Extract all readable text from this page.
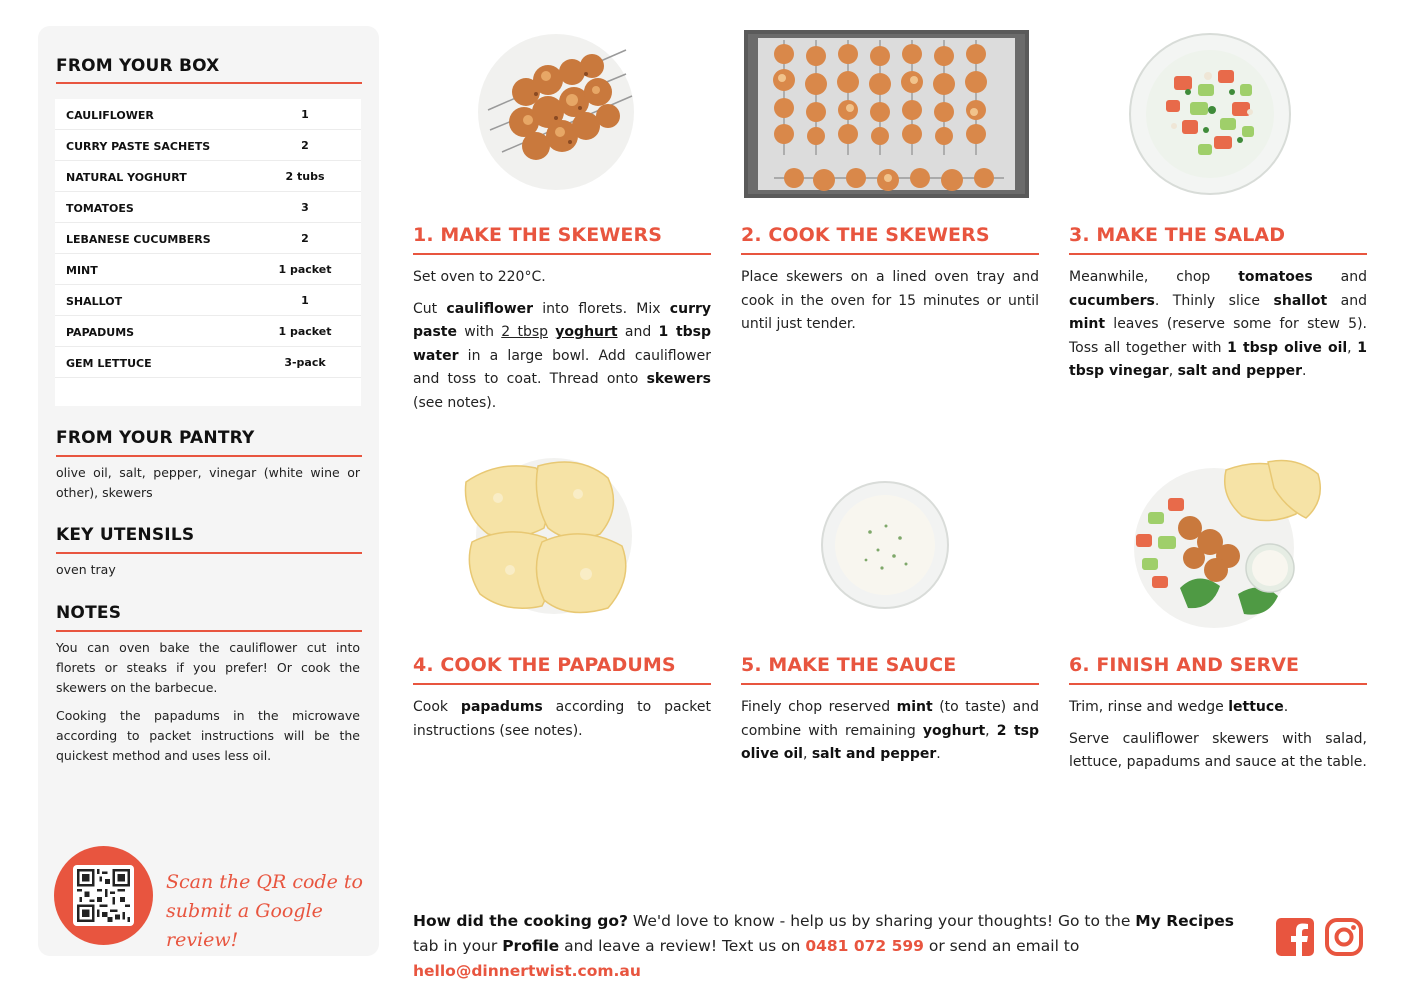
FROM YOUR BOX
CAULIFLOWER	1
CURRY PASTE SACHETS	2
NATURAL YOGHURT	2 tubs
TOMATOES	3
LEBANESE CUCUMBERS	2
MINT	1 packet
SHALLOT	1
PAPADUMS	1 packet
GEM LETTUCE	3-pack
FROM YOUR PANTRY
olive oil, salt, pepper, vinegar (white wine or other), skewers
KEY UTENSILS
oven tray
NOTES
You can oven bake the cauliflower cut into florets or steaks if you prefer! Or cook the skewers on the barbecue.
Cooking the papadums in the microwave according to packet instructions will be the quickest method and uses less oil.
Scan the QR code to
submit a Google review!
1. MAKE THE SKEWERS

Set oven to 220°C.

Cut cauliflower into florets. Mix curry paste with 2 tbsp yoghurt and 1 tbsp water in a large bowl. Add cauliflower and toss to coat. Thread onto skewers (see notes).

2. COOK THE SKEWERS

Place skewers on a lined oven tray and cook in the oven for 15 minutes or until until just tender.

3. MAKE THE SALAD

Meanwhile, chop tomatoes and cucumbers. Thinly slice shallot and mint leaves (reserve some for stew 5). Toss all together with 1 tbsp olive oil, 1 tbsp vinegar, salt and pepper.

4. COOK THE PAPADUMS

Cook papadums according to packet instructions (see notes).

5. MAKE THE SAUCE

Finely chop reserved mint (to taste) and combine with remaining yoghurt, 2 tsp olive oil, salt and pepper.

6. FINISH AND SERVE

Trim, rinse and wedge lettuce.

Serve cauliflower skewers with salad, lettuce, papadums and sauce at the table.

How did the cooking go? We'd love to know - help us by sharing your thoughts! Go to the My Recipes tab in your Profile and leave a review! Text us on 0481 072 599 or send an email to hello@dinnertwist.com.au
